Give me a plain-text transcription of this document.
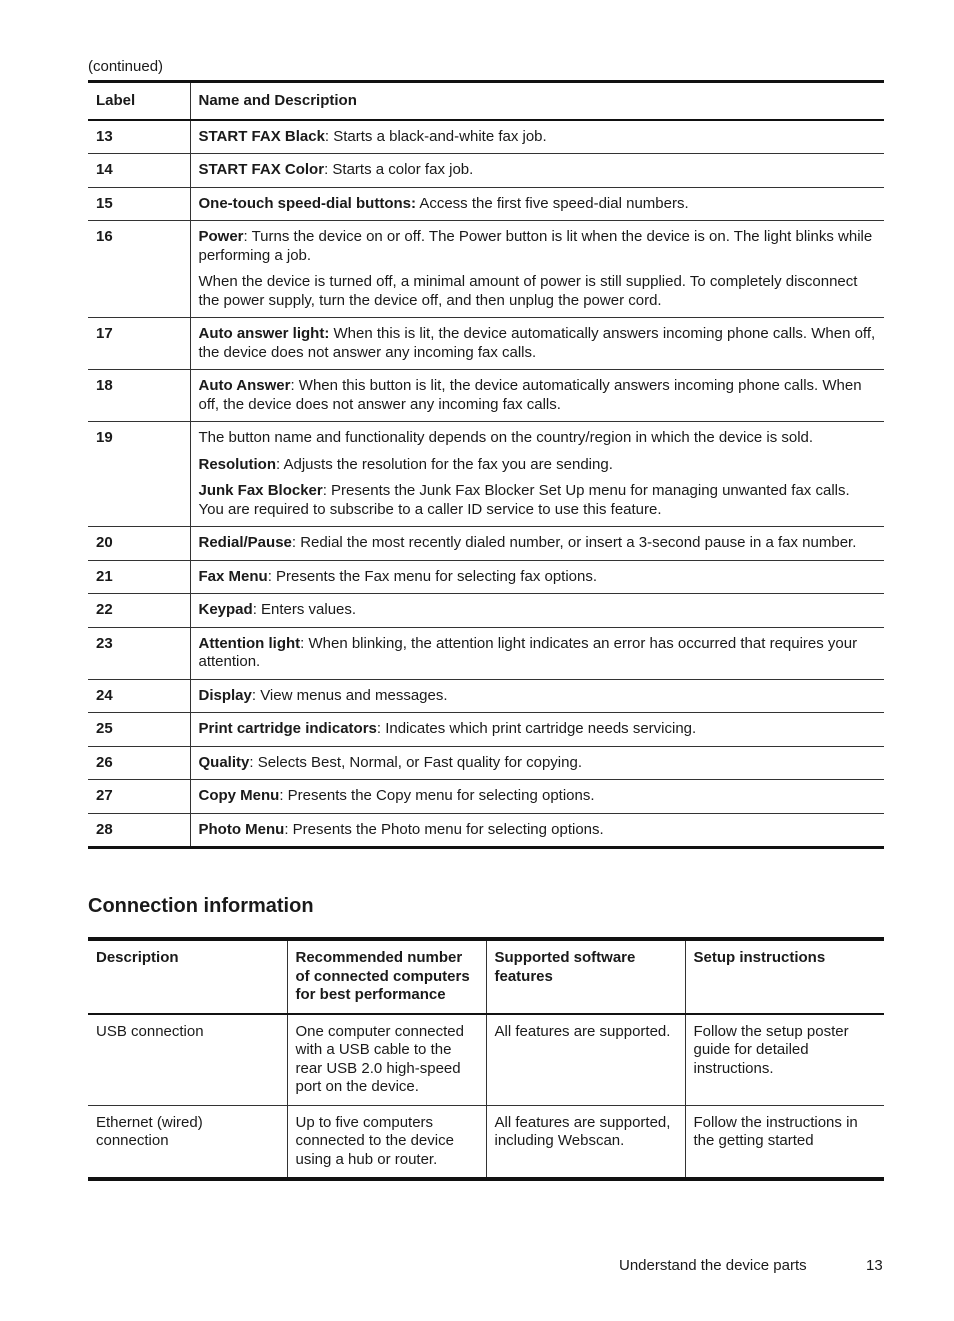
(continued)
Label	Name and Description
13	START FAX Black: Starts a black-and-white fax job.

14	START FAX Color: Starts a color fax job.

15	One-touch speed-dial buttons: Access the first five speed-dial numbers.

16	Power: Turns the device on or off. The Power button is lit when the device is on. The light blinks while performing a job.

When the device is turned off, a minimal amount of power is still supplied. To completely disconnect the power supply, turn the device off, and then unplug the power cord.

17	Auto answer light: When this is lit, the device automatically answers incoming phone calls. When off, the device does not answer any incoming fax calls.

18	Auto Answer: When this button is lit, the device automatically answers incoming phone calls. When off, the device does not answer any incoming fax calls.

19	The button name and functionality depends on the country/region in which the device is sold.

Resolution: Adjusts the resolution for the fax you are sending.

Junk Fax Blocker: Presents the Junk Fax Blocker Set Up menu for managing unwanted fax calls. You are required to subscribe to a caller ID service to use this feature.

20	Redial/Pause: Redial the most recently dialed number, or insert a 3-second pause in a fax number.

21	Fax Menu: Presents the Fax menu for selecting fax options.

22	Keypad: Enters values.

23	Attention light: When blinking, the attention light indicates an error has occurred that requires your attention.

24	Display: View menus and messages.

25	Print cartridge indicators: Indicates which print cartridge needs servicing.

26	Quality: Selects Best, Normal, or Fast quality for copying.

27	Copy Menu: Presents the Copy menu for selecting options.

28	Photo Menu: Presents the Photo menu for selecting options.

Connection information
Description	Recommended number of connected computers for best performance	Supported software features	Setup instructions
USB connection	One computer connected with a USB cable to the rear USB 2.0 high-speed port on the device.	All features are supported.	Follow the setup poster guide for detailed instructions.
Ethernet (wired) connection	Up to five computers connected to the device using a hub or router.	All features are supported, including Webscan.	Follow the instructions in the getting started
Understand the device parts	13
